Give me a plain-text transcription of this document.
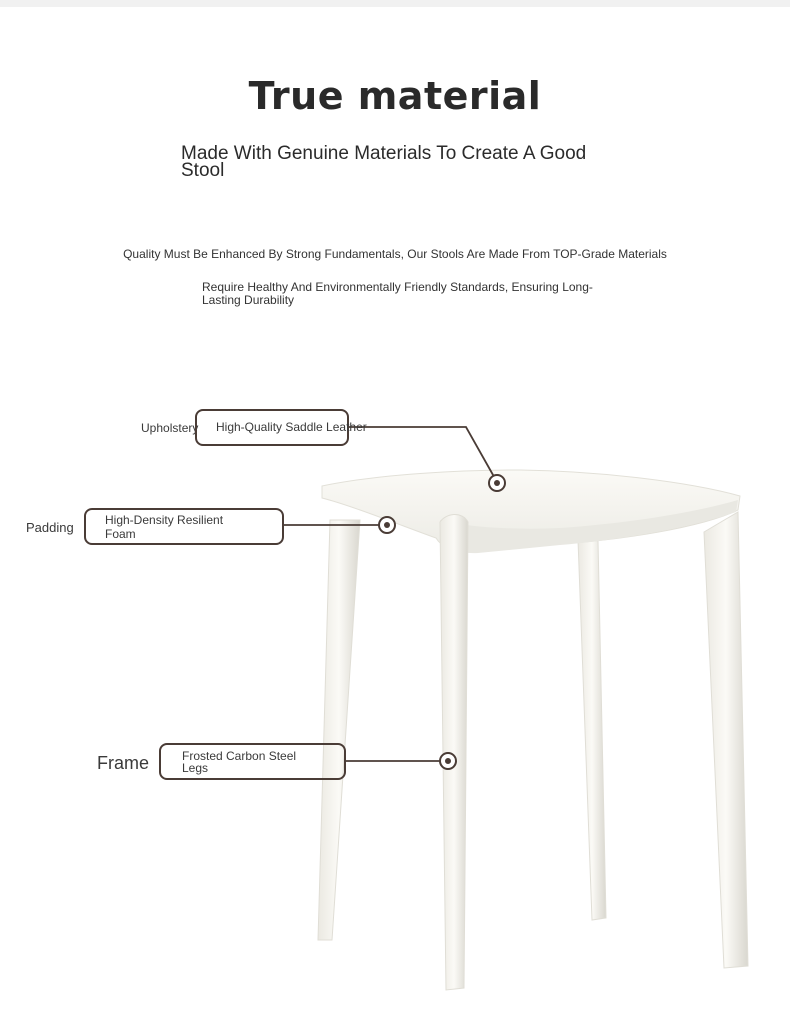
True material
Made With Genuine Materials To Create A Good Stool
Quality Must Be Enhanced By Strong Fundamentals, Our Stools Are Made From TOP-Grade Materials
Require Healthy And Environmentally Friendly Standards, Ensuring Long-Lasting Durability
Upholstery High-Quality Saddle Leather
Padding	High-Density Resilient Foam
Frame	Frosted Carbon Steel Legs
